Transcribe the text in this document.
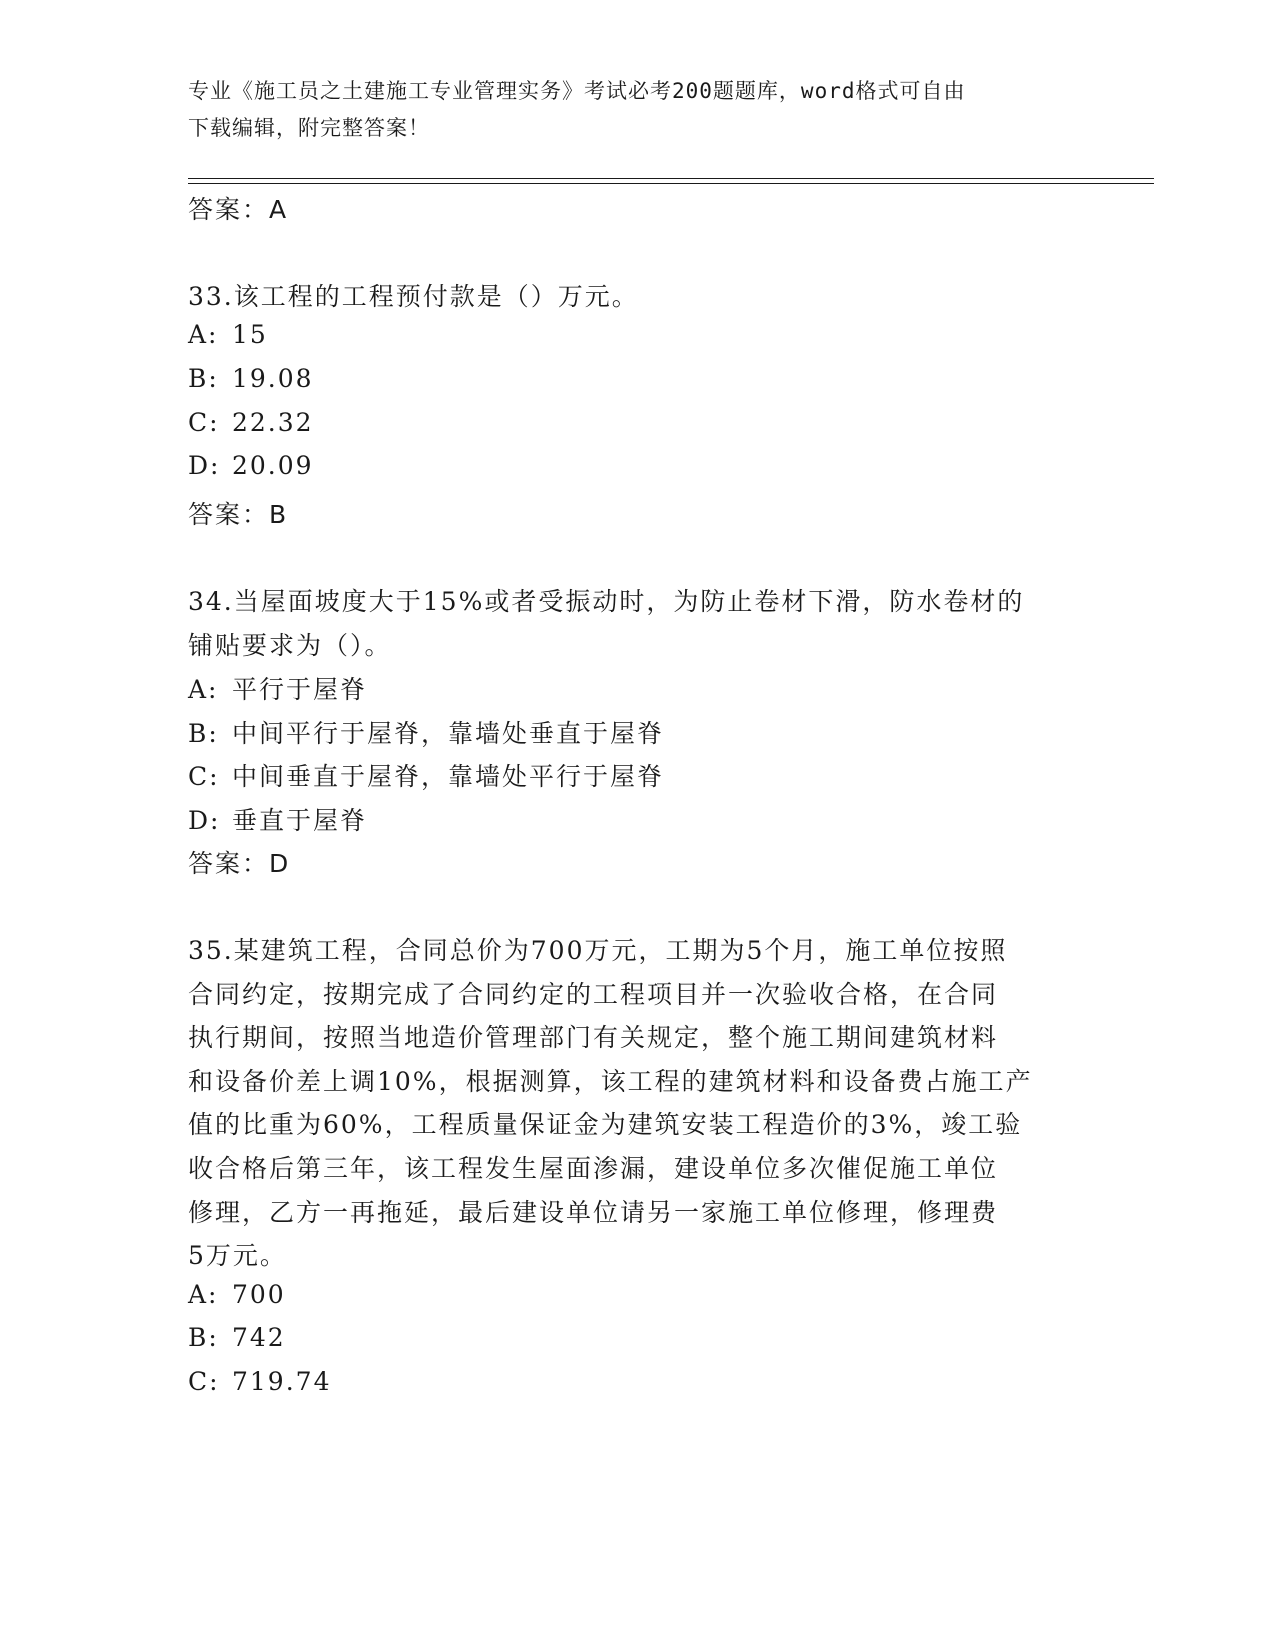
专业《施工员之土建施工专业管理实务》考试必考200题题库，word格式可自由
下载编辑，附完整答案！
答案：A
33.该工程的工程预付款是（）万元。
A: 15
B: 19.08
C: 22.32
D: 20.09
答案：B
34.当屋面坡度大于15%或者受振动时，为防止卷材下滑，防水卷材的
铺贴要求为（）。
A: 平行于屋脊
B: 中间平行于屋脊，靠墙处垂直于屋脊
C: 中间垂直于屋脊，靠墙处平行于屋脊
D: 垂直于屋脊
答案：D
35.某建筑工程，合同总价为700万元，工期为5个月，施工单位按照
合同约定，按期完成了合同约定的工程项目并一次验收合格，在合同
执行期间，按照当地造价管理部门有关规定，整个施工期间建筑材料
和设备价差上调10%，根据测算，该工程的建筑材料和设备费占施工产
值的比重为60%，工程质量保证金为建筑安装工程造价的3%，竣工验
收合格后第三年，该工程发生屋面渗漏，建设单位多次催促施工单位
修理，乙方一再拖延，最后建设单位请另一家施工单位修理，修理费
5万元。
A: 700
B: 742
C: 719.74
